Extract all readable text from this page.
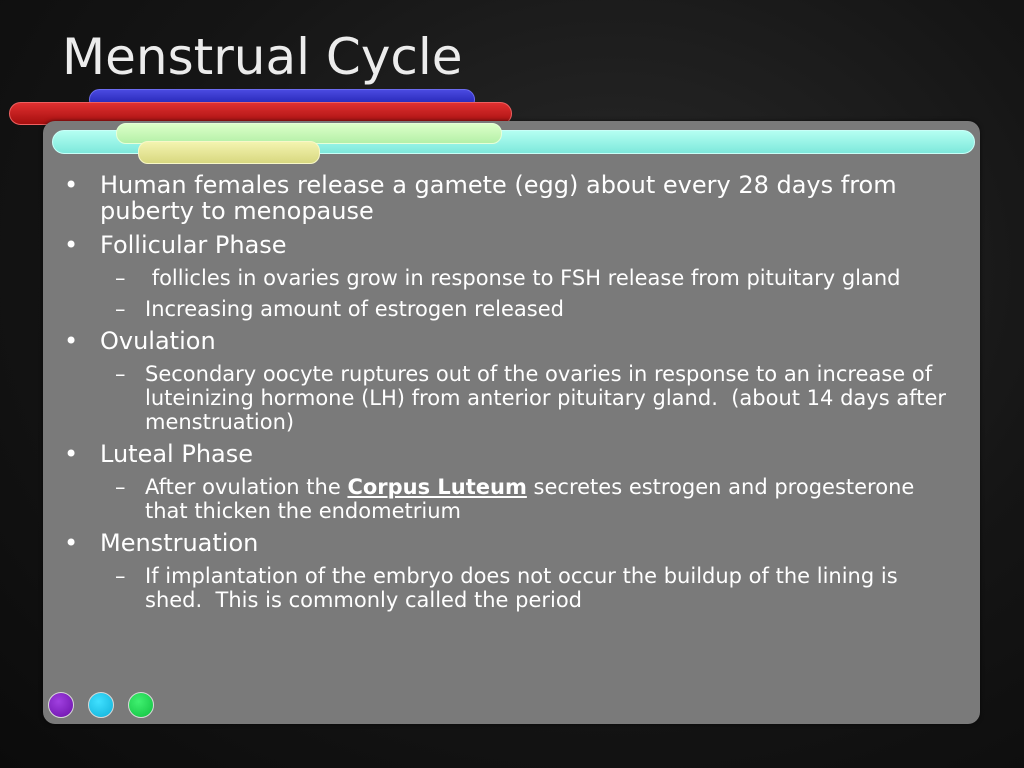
Menstrual Cycle
• Human females release a gamete (egg) about every 28 days from puberty to menopause
• Follicular Phase
– follicles in ovaries grow in response to FSH release from pituitary gland
– Increasing amount of estrogen released
• Ovulation
– Secondary oocyte ruptures out of the ovaries in response to an increase of luteinizing hormone (LH) from anterior pituitary gland.  (about 14 days after menstruation)
• Luteal Phase
– After ovulation the Corpus Luteum secretes estrogen and progesterone that thicken the endometrium
• Menstruation
– If implantation of the embryo does not occur the buildup of the lining is shed.  This is commonly called the period
